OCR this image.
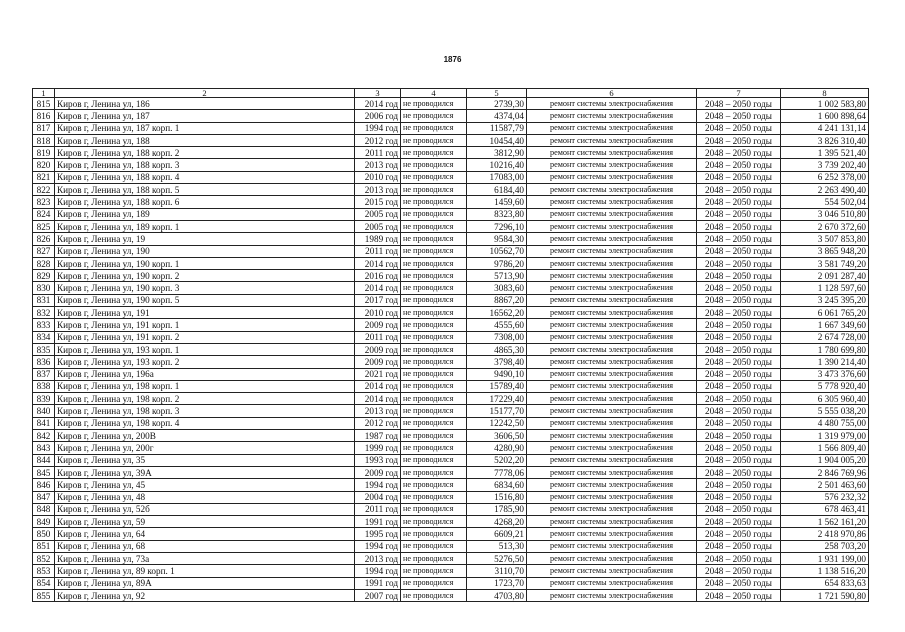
1876
1	2	3	4	5	6	7	8
815	Киров г, Ленина ул, 186	2014 год	не проводился	2739,30	ремонт системы электроснабжения	2048 – 2050 годы	1 002 583,80
816	Киров г, Ленина ул, 187	2006 год	не проводился	4374,04	ремонт системы электроснабжения	2048 – 2050 годы	1 600 898,64
817	Киров г, Ленина ул, 187 корп. 1	1994 год	не проводился	11587,79	ремонт системы электроснабжения	2048 – 2050 годы	4 241 131,14
818	Киров г, Ленина ул, 188	2012 год	не проводился	10454,40	ремонт системы электроснабжения	2048 – 2050 годы	3 826 310,40
819	Киров г, Ленина ул, 188 корп. 2	2011 год	не проводился	3812,90	ремонт системы электроснабжения	2048 – 2050 годы	1 395 521,40
820	Киров г, Ленина ул, 188 корп. 3	2013 год	не проводился	10216,40	ремонт системы электроснабжения	2048 – 2050 годы	3 739 202,40
821	Киров г, Ленина ул, 188 корп. 4	2010 год	не проводился	17083,00	ремонт системы электроснабжения	2048 – 2050 годы	6 252 378,00
822	Киров г, Ленина ул, 188 корп. 5	2013 год	не проводился	6184,40	ремонт системы электроснабжения	2048 – 2050 годы	2 263 490,40
823	Киров г, Ленина ул, 188 корп. 6	2015 год	не проводился	1459,60	ремонт системы электроснабжения	2048 – 2050 годы	554 502,04
824	Киров г, Ленина ул, 189	2005 год	не проводился	8323,80	ремонт системы электроснабжения	2048 – 2050 годы	3 046 510,80
825	Киров г, Ленина ул, 189 корп. 1	2005 год	не проводился	7296,10	ремонт системы электроснабжения	2048 – 2050 годы	2 670 372,60
826	Киров г, Ленина ул, 19	1989 год	не проводился	9584,30	ремонт системы электроснабжения	2048 – 2050 годы	3 507 853,80
827	Киров г, Ленина ул, 190	2011 год	не проводился	10562,70	ремонт системы электроснабжения	2048 – 2050 годы	3 865 948,20
828	Киров г, Ленина ул, 190 корп. 1	2014 год	не проводился	9786,20	ремонт системы электроснабжения	2048 – 2050 годы	3 581 749,20
829	Киров г, Ленина ул, 190 корп. 2	2016 год	не проводился	5713,90	ремонт системы электроснабжения	2048 – 2050 годы	2 091 287,40
830	Киров г, Ленина ул, 190 корп. 3	2014 год	не проводился	3083,60	ремонт системы электроснабжения	2048 – 2050 годы	1 128 597,60
831	Киров г, Ленина ул, 190 корп. 5	2017 год	не проводился	8867,20	ремонт системы электроснабжения	2048 – 2050 годы	3 245 395,20
832	Киров г, Ленина ул, 191	2010 год	не проводился	16562,20	ремонт системы электроснабжения	2048 – 2050 годы	6 061 765,20
833	Киров г, Ленина ул, 191 корп. 1	2009 год	не проводился	4555,60	ремонт системы электроснабжения	2048 – 2050 годы	1 667 349,60
834	Киров г, Ленина ул, 191 корп. 2	2011 год	не проводился	7308,00	ремонт системы электроснабжения	2048 – 2050 годы	2 674 728,00
835	Киров г, Ленина ул, 193 корп. 1	2009 год	не проводился	4865,30	ремонт системы электроснабжения	2048 – 2050 годы	1 780 699,80
836	Киров г, Ленина ул, 193 корп. 2	2009 год	не проводился	3798,40	ремонт системы электроснабжения	2048 – 2050 годы	1 390 214,40
837	Киров г, Ленина ул, 196а	2021 год	не проводился	9490,10	ремонт системы электроснабжения	2048 – 2050 годы	3 473 376,60
838	Киров г, Ленина ул, 198 корп. 1	2014 год	не проводился	15789,40	ремонт системы электроснабжения	2048 – 2050 годы	5 778 920,40
839	Киров г, Ленина ул, 198 корп. 2	2014 год	не проводился	17229,40	ремонт системы электроснабжения	2048 – 2050 годы	6 305 960,40
840	Киров г, Ленина ул, 198 корп. 3	2013 год	не проводился	15177,70	ремонт системы электроснабжения	2048 – 2050 годы	5 555 038,20
841	Киров г, Ленина ул, 198 корп. 4	2012 год	не проводился	12242,50	ремонт системы электроснабжения	2048 – 2050 годы	4 480 755,00
842	Киров г, Ленина ул, 200В	1987 год	не проводился	3606,50	ремонт системы электроснабжения	2048 – 2050 годы	1 319 979,00
843	Киров г, Ленина ул, 200г	1999 год	не проводился	4280,90	ремонт системы электроснабжения	2048 – 2050 годы	1 566 809,40
844	Киров г, Ленина ул, 35	1993 год	не проводился	5202,20	ремонт системы электроснабжения	2048 – 2050 годы	1 904 005,20
845	Киров г, Ленина ул, 39А	2009 год	не проводился	7778,06	ремонт системы электроснабжения	2048 – 2050 годы	2 846 769,96
846	Киров г, Ленина ул, 45	1994 год	не проводился	6834,60	ремонт системы электроснабжения	2048 – 2050 годы	2 501 463,60
847	Киров г, Ленина ул, 48	2004 год	не проводился	1516,80	ремонт системы электроснабжения	2048 – 2050 годы	576 232,32
848	Киров г, Ленина ул, 52б	2011 год	не проводился	1785,90	ремонт системы электроснабжения	2048 – 2050 годы	678 463,41
849	Киров г, Ленина ул, 59	1991 год	не проводился	4268,20	ремонт системы электроснабжения	2048 – 2050 годы	1 562 161,20
850	Киров г, Ленина ул, 64	1995 год	не проводился	6609,21	ремонт системы электроснабжения	2048 – 2050 годы	2 418 970,86
851	Киров г, Ленина ул, 68	1994 год	не проводился	513,30	ремонт системы электроснабжения	2048 – 2050 годы	258 703,20
852	Киров г, Ленина ул, 73а	2013 год	не проводился	5276,50	ремонт системы электроснабжения	2048 – 2050 годы	1 931 199,00
853	Киров г, Ленина ул, 89 корп. 1	1994 год	не проводился	3110,70	ремонт системы электроснабжения	2048 – 2050 годы	1 138 516,20
854	Киров г, Ленина ул, 89А	1991 год	не проводился	1723,70	ремонт системы электроснабжения	2048 – 2050 годы	654 833,63
855	Киров г, Ленина ул, 92	2007 год	не проводился	4703,80	ремонт системы электроснабжения	2048 – 2050 годы	1 721 590,80
